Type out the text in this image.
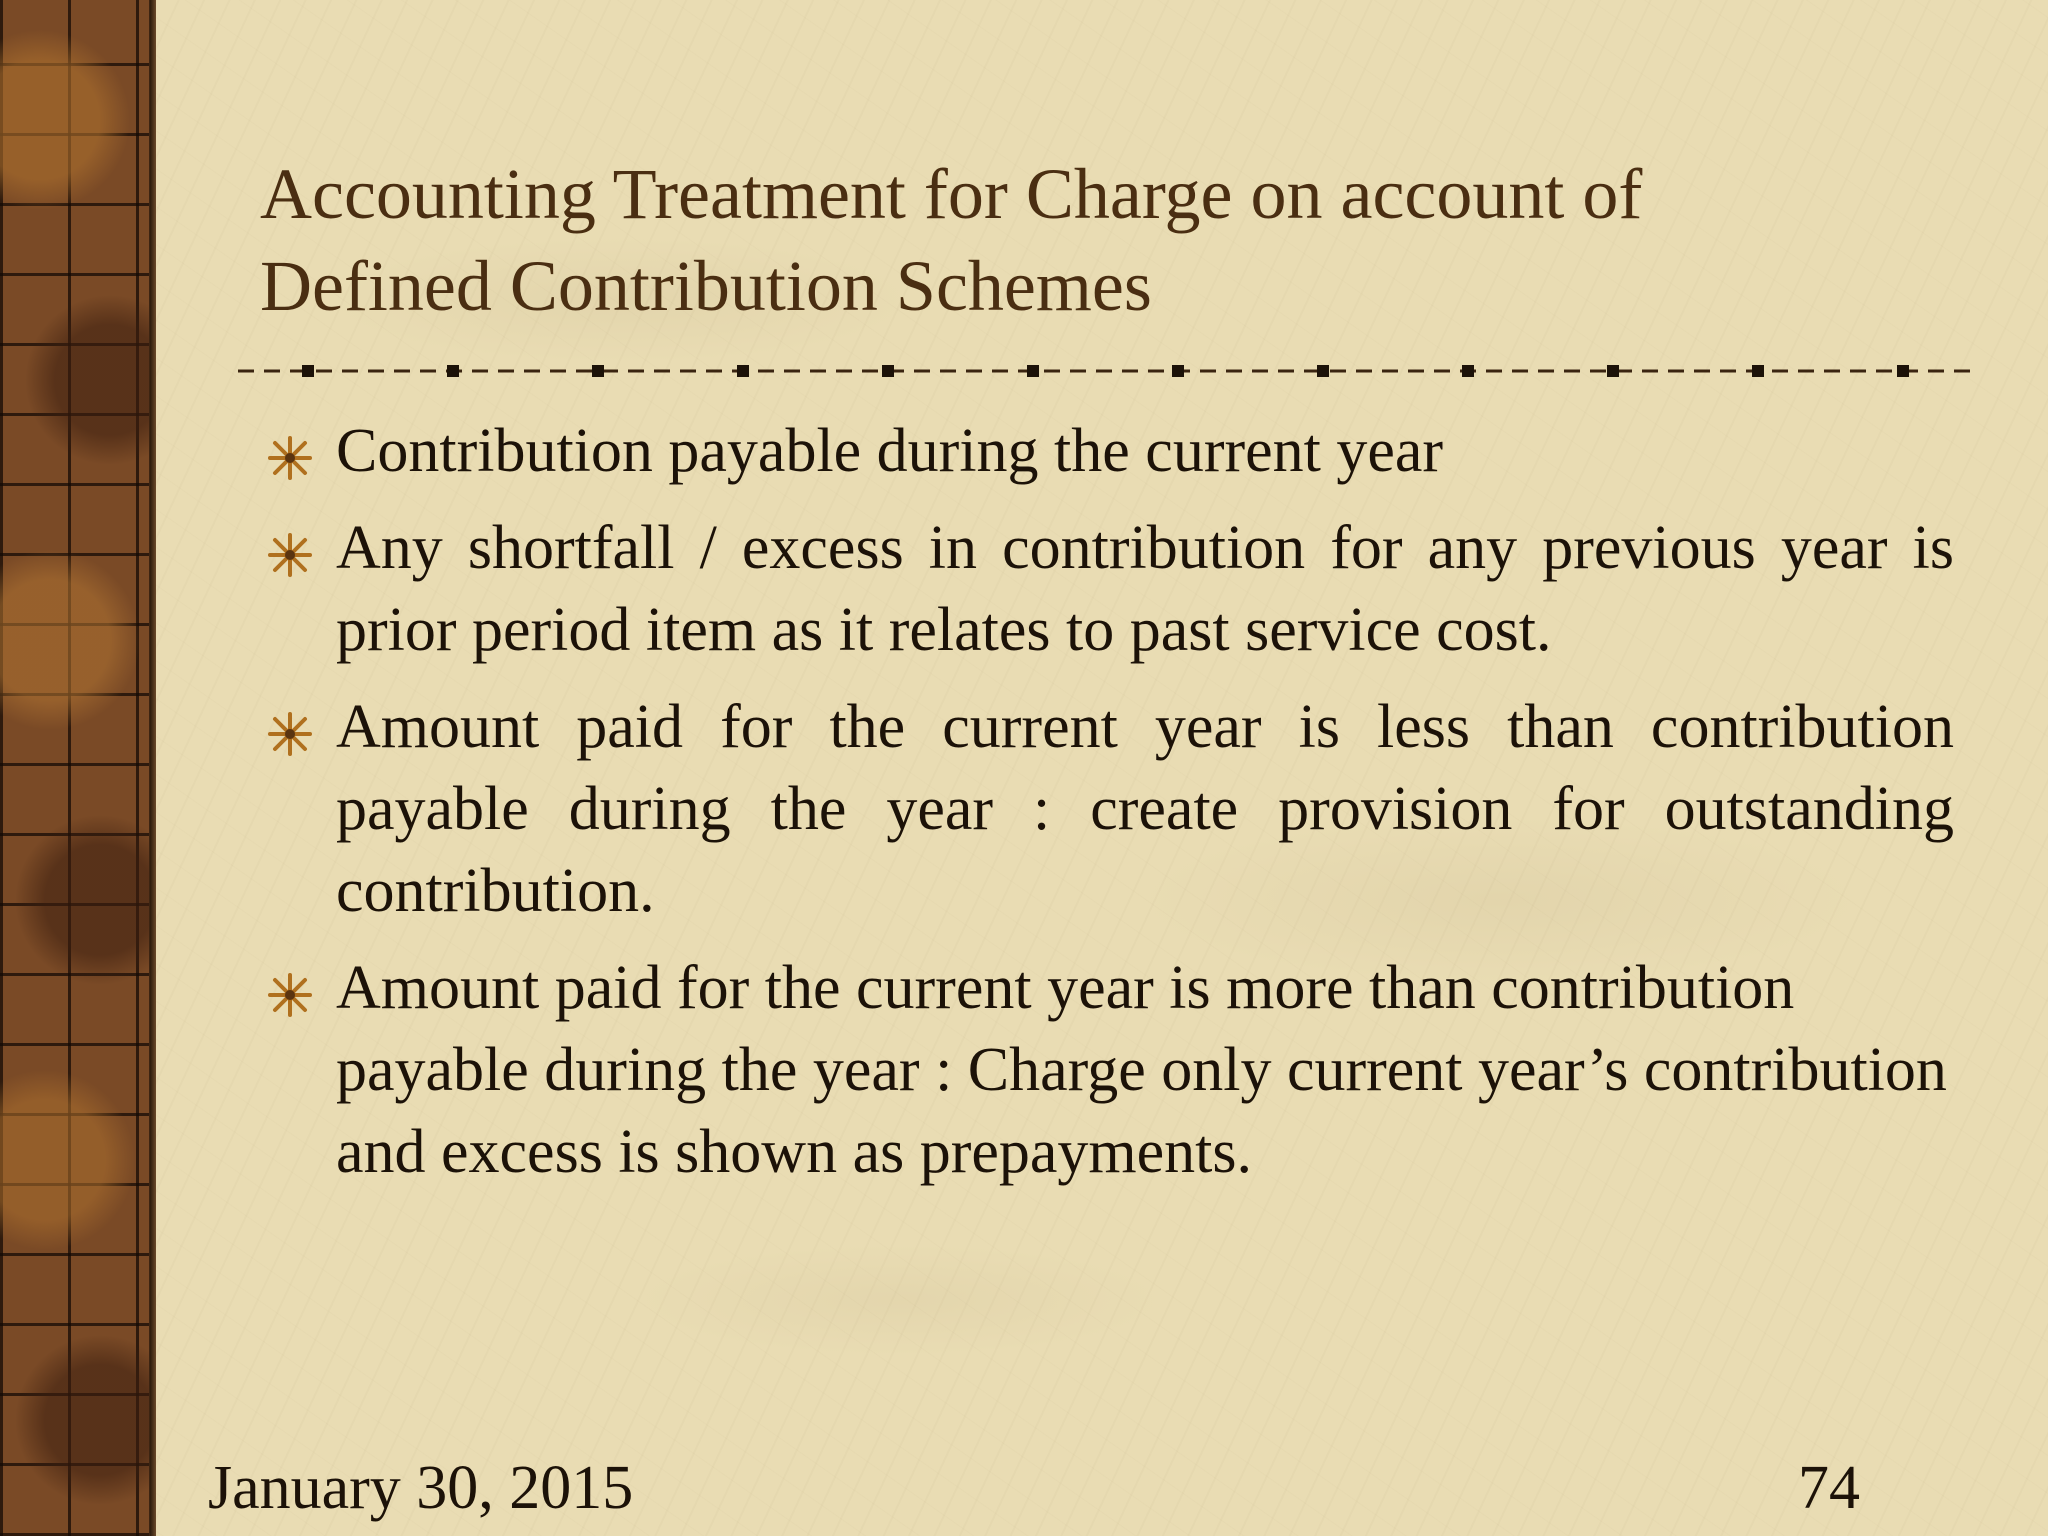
Accounting Treatment for Charge on account of
Defined Contribution Schemes
Contribution payable during the current year
Any shortfall / excess in contribution for any previous year is prior period item as it relates to past service cost.
Amount paid for the current year is less than contribution payable during the year : create provision for outstanding contribution.
Amount paid for the current year is more than contribution payable during the year : Charge only current year’s contribution and excess is shown as prepayments.
January 30, 2015	74
